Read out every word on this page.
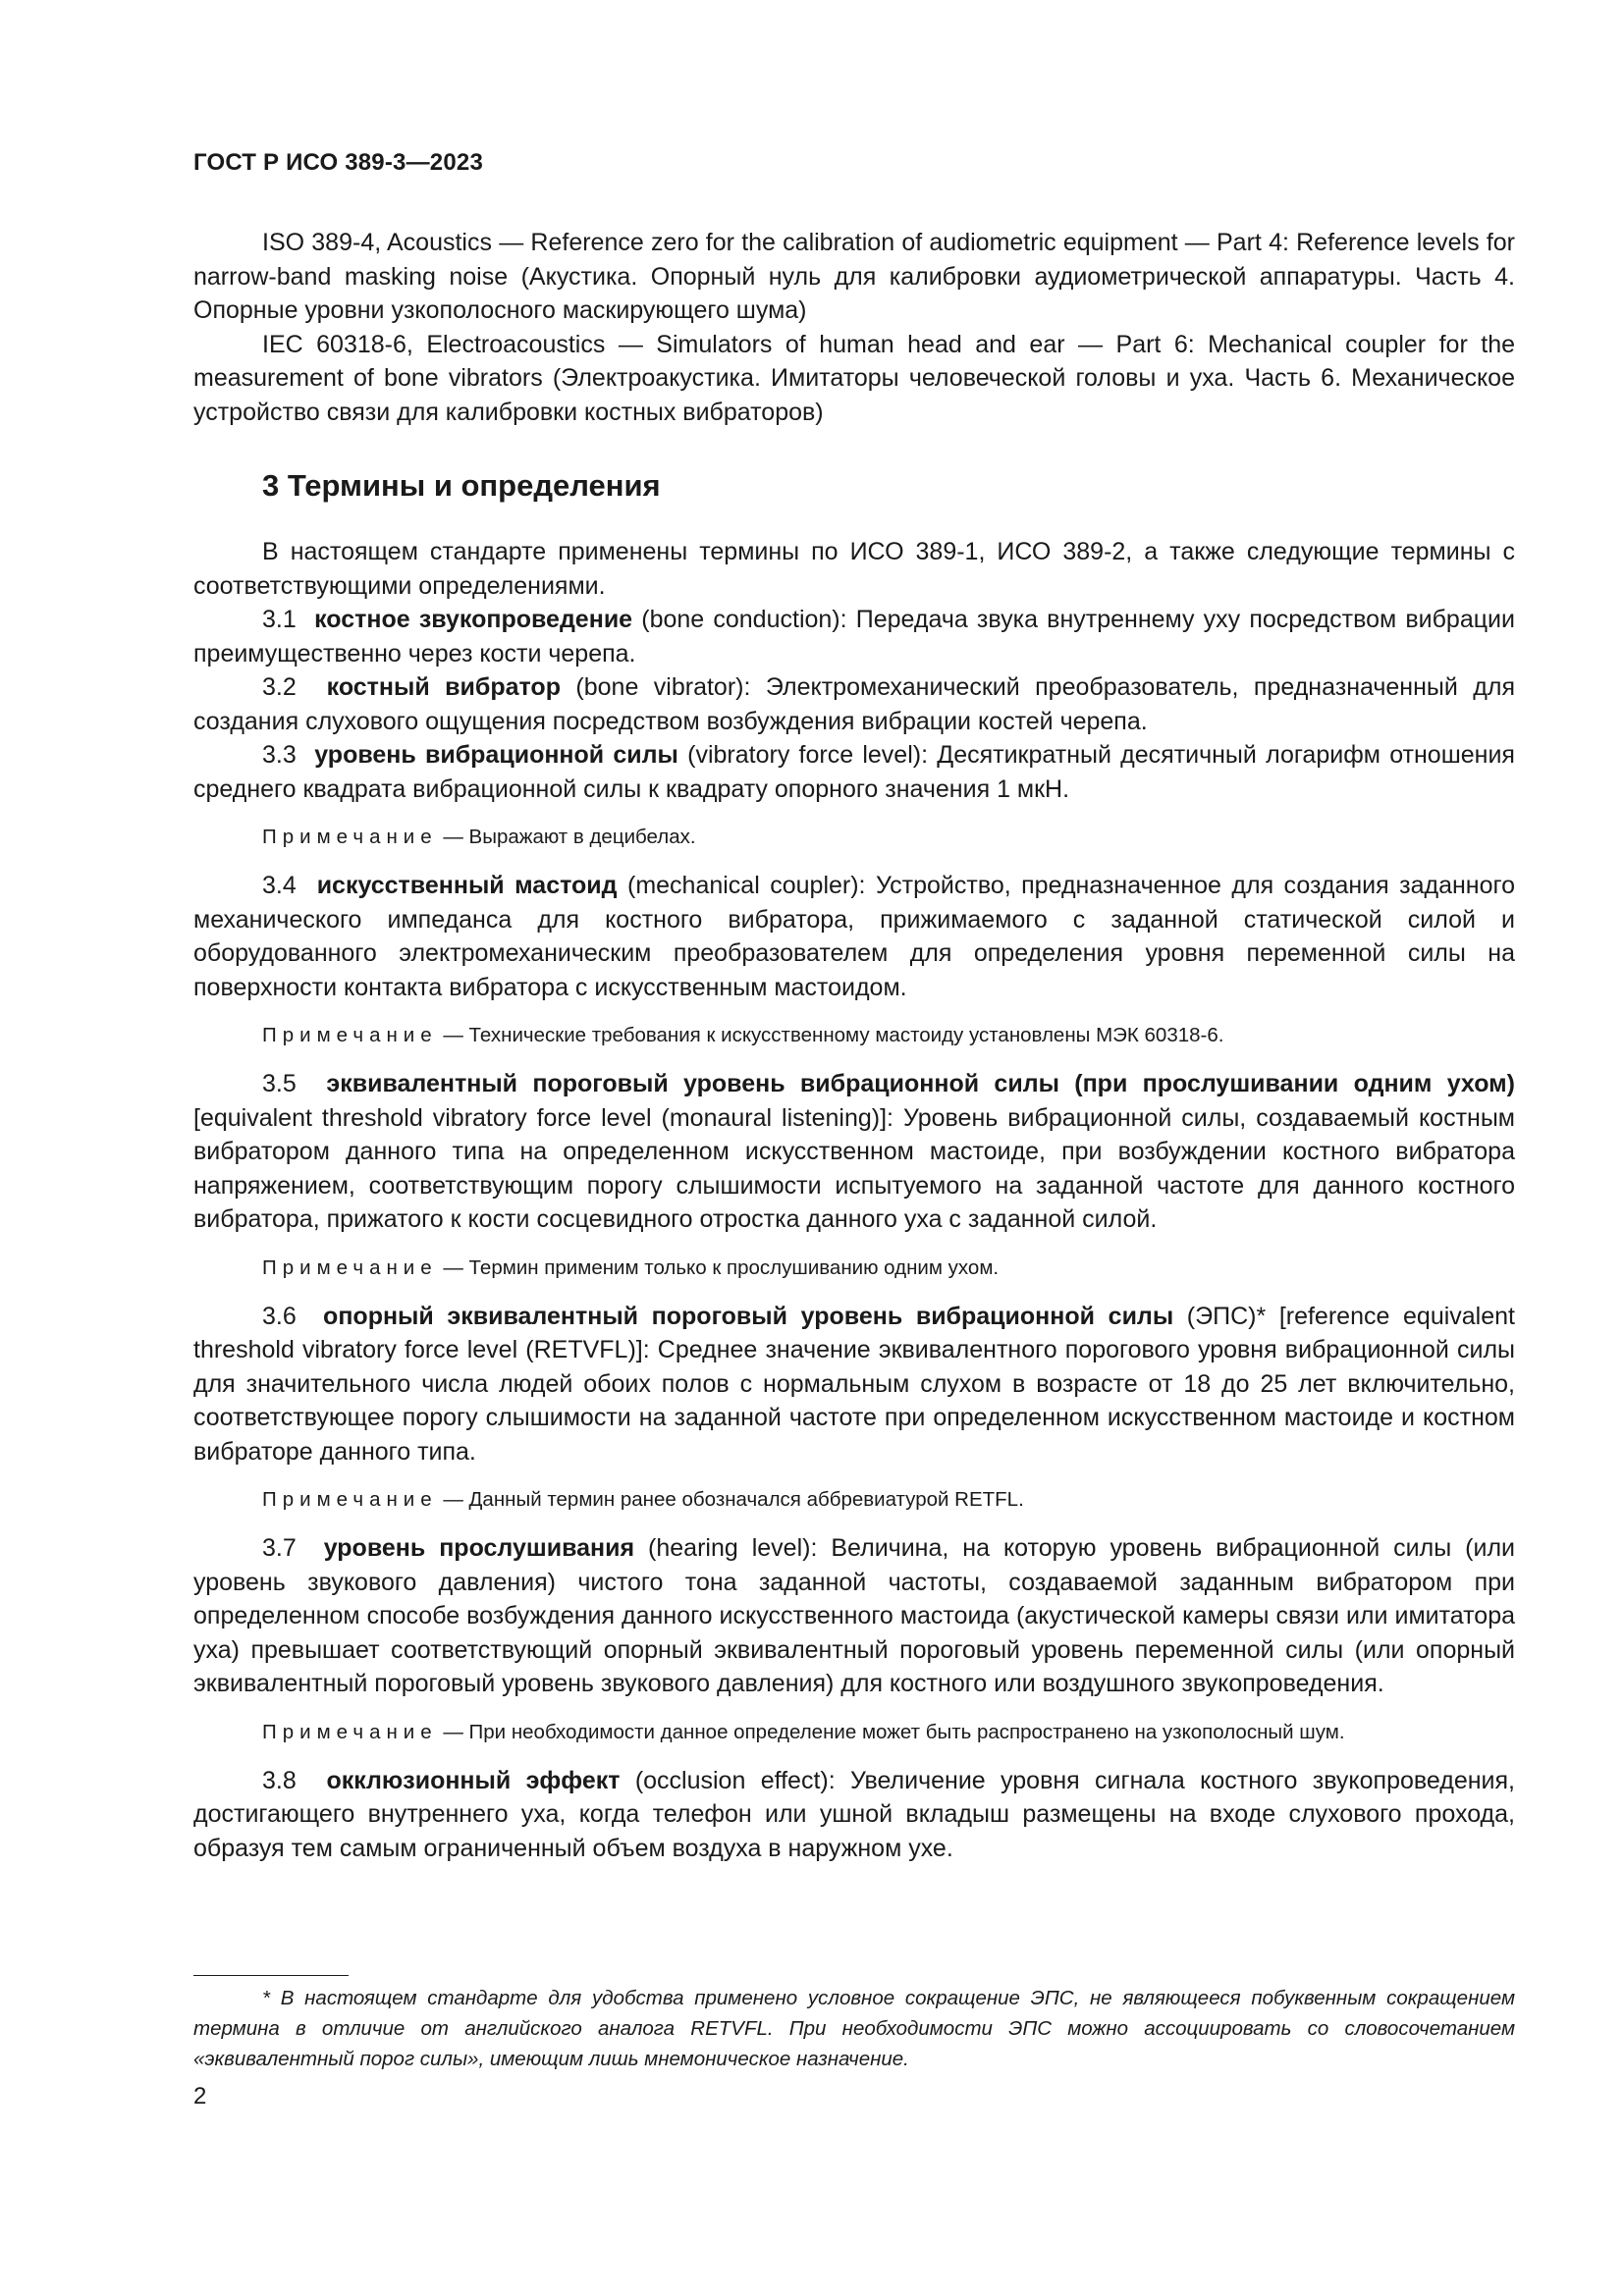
ГОСТ Р ИСО 389-3—2023

ISO 389-4, Acoustics — Reference zero for the calibration of audiometric equipment — Part 4: Reference levels for narrow-band masking noise (Акустика. Опорный нуль для калибровки аудиометрической аппаратуры. Часть 4. Опорные уровни узкополосного маскирующего шума)

IEC 60318-6, Electroacoustics — Simulators of human head and ear — Part 6: Mechanical coupler for the measurement of bone vibrators (Электроакустика. Имитаторы человеческой головы и уха. Часть 6. Механическое устройство связи для калибровки костных вибраторов)

3 Термины и определения

В настоящем стандарте применены термины по ИСО 389-1, ИСО 389-2, а также следующие термины с соответствующими определениями.

3.1 костное звукопроведение (bone conduction): Передача звука внутреннему уху посредством вибрации преимущественно через кости черепа.

3.2 костный вибратор (bone vibrator): Электромеханический преобразователь, предназначенный для создания слухового ощущения посредством возбуждения вибрации костей черепа.

3.3 уровень вибрационной силы (vibratory force level): Десятикратный десятичный логарифм отношения среднего квадрата вибрационной силы к квадрату опорного значения 1 мкН.

Примечание — Выражают в децибелах.

3.4 искусственный мастоид (mechanical coupler): Устройство, предназначенное для создания заданного механического импеданса для костного вибратора, прижимаемого с заданной статической силой и оборудованного электромеханическим преобразователем для определения уровня переменной силы на поверхности контакта вибратора с искусственным мастоидом.

Примечание — Технические требования к искусственному мастоиду установлены МЭК 60318-6.

3.5 эквивалентный пороговый уровень вибрационной силы (при прослушивании одним ухом) [equivalent threshold vibratory force level (monaural listening)]: Уровень вибрационной силы, создаваемый костным вибратором данного типа на определенном искусственном мастоиде, при возбуждении костного вибратора напряжением, соответствующим порогу слышимости испытуемого на заданной частоте для данного костного вибратора, прижатого к кости сосцевидного отростка данного уха с заданной силой.

Примечание — Термин применим только к прослушиванию одним ухом.

3.6 опорный эквивалентный пороговый уровень вибрационной силы (ЭПС)* [reference equivalent threshold vibratory force level (RETVFL)]: Среднее значение эквивалентного порогового уровня вибрационной силы для значительного числа людей обоих полов с нормальным слухом в возрасте от 18 до 25 лет включительно, соответствующее порогу слышимости на заданной частоте при определенном искусственном мастоиде и костном вибраторе данного типа.

Примечание — Данный термин ранее обозначался аббревиатурой RETFL.

3.7 уровень прослушивания (hearing level): Величина, на которую уровень вибрационной силы (или уровень звукового давления) чистого тона заданной частоты, создаваемой заданным вибратором при определенном способе возбуждения данного искусственного мастоида (акустической камеры связи или имитатора уха) превышает соответствующий опорный эквивалентный пороговый уровень переменной силы (или опорный эквивалентный пороговый уровень звукового давления) для костного или воздушного звукопроведения.

Примечание — При необходимости данное определение может быть распространено на узкополосный шум.

3.8 окклюзионный эффект (occlusion effect): Увеличение уровня сигнала костного звукопроведения, достигающего внутреннего уха, когда телефон или ушной вкладыш размещены на входе слухового прохода, образуя тем самым ограниченный объем воздуха в наружном ухе.

* В настоящем стандарте для удобства применено условное сокращение ЭПС, не являющееся побуквенным сокращением термина в отличие от английского аналога RETVFL. При необходимости ЭПС можно ассоциировать со словосочетанием «эквивалентный порог силы», имеющим лишь мнемоническое назначение.

2
